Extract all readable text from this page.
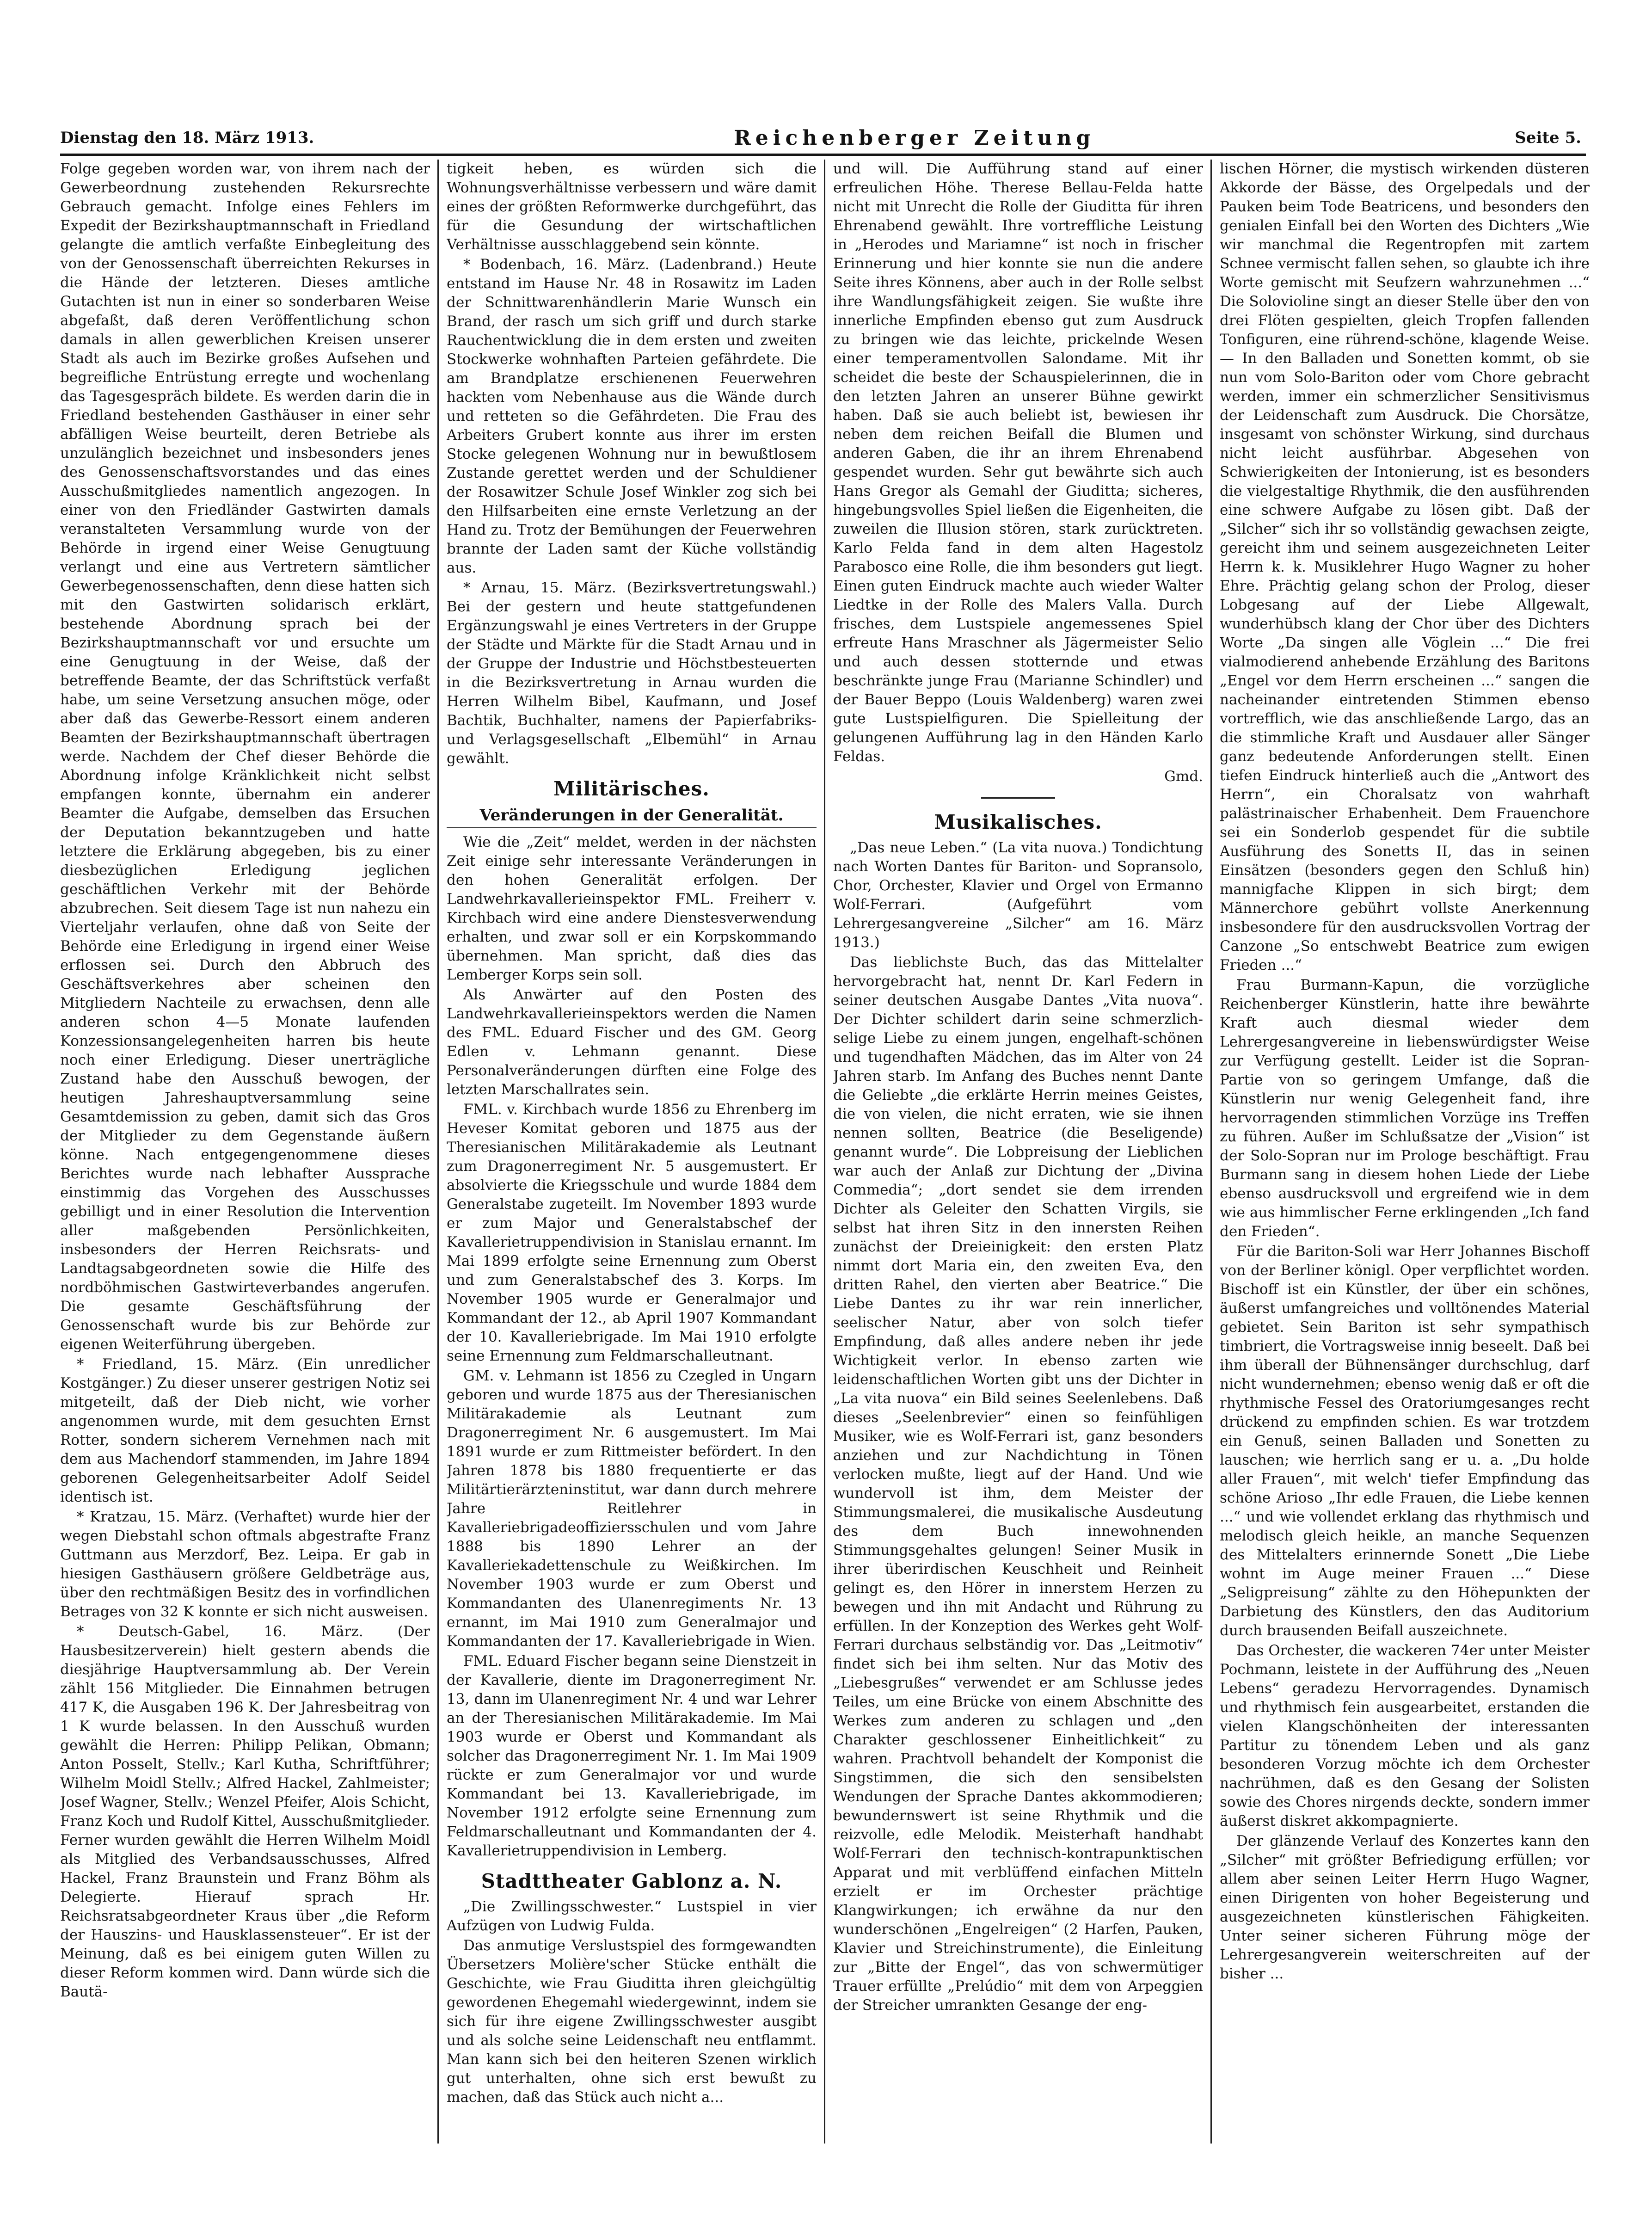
Dienstag den 18. März 1913.	Reichenberger Zeitung	Seite 5.

Folge gegeben worden war, von ihrem nach der Gewerbeordnung zustehenden Rekursrechte Gebrauch gemacht. Infolge eines Fehlers im Expedit der Bezirkshauptmannschaft in Friedland gelangte die amtlich verfaßte Einbegleitung des von der Genossenschaft überreichten Rekurses in die Hände der letzteren. Dieses amtliche Gutachten ist nun in einer so sonderbaren Weise abgefaßt, daß deren Veröffentlichung schon damals in allen gewerblichen Kreisen unserer Stadt als auch im Bezirke großes Aufsehen und begreifliche Entrüstung erregte und wochenlang das Tagesgespräch bildete. Es werden darin die in Friedland bestehenden Gasthäuser in einer sehr abfälligen Weise beurteilt, deren Betriebe als unzulänglich bezeichnet und insbesonders jenes des Genossenschaftsvorstandes und das eines Ausschußmitgliedes namentlich angezogen. In einer von den Friedländer Gastwirten damals veranstalteten Versammlung wurde von der Behörde in irgend einer Weise Genugtuung verlangt und eine aus Vertretern sämtlicher Gewerbegenossenschaften, denn diese hatten sich mit den Gastwirten solidarisch erklärt, bestehende Abordnung sprach bei der Bezirkshauptmannschaft vor und ersuchte um eine Genugtuung in der Weise, daß der betreffende Beamte, der das Schriftstück verfaßt habe, um seine Versetzung ansuchen möge, oder aber daß das Gewerbe-Ressort einem anderen Beamten der Bezirkshauptmannschaft übertragen werde. Nachdem der Chef dieser Behörde die Abordnung infolge Kränklichkeit nicht selbst empfangen konnte, übernahm ein anderer Beamter die Aufgabe, demselben das Ersuchen der Deputation bekanntzugeben und hatte letztere die Erklärung abgegeben, bis zu einer diesbezüglichen Erledigung jeglichen geschäftlichen Verkehr mit der Behörde abzubrechen. Seit diesem Tage ist nun nahezu ein Vierteljahr verlaufen, ohne daß von Seite der Behörde eine Erledigung in irgend einer Weise erflossen sei. Durch den Abbruch des Geschäftsverkehres aber scheinen den Mitgliedern Nachteile zu erwachsen, denn alle anderen schon 4—5 Monate laufenden Konzessionsangelegenheiten harren bis heute noch einer Erledigung. Dieser unerträgliche Zustand habe den Ausschuß bewogen, der heutigen Jahreshauptversammlung seine Gesamtdemission zu geben, damit sich das Gros der Mitglieder zu dem Gegenstande äußern könne. Nach entgegengenommene dieses Berichtes wurde nach lebhafter Aussprache einstimmig das Vorgehen des Ausschusses gebilligt und in einer Resolution die Intervention aller maßgebenden Persönlichkeiten, insbesonders der Herren Reichsrats- und Landtagsabgeordneten sowie die Hilfe des nordböhmischen Gastwirteverbandes angerufen. Die gesamte Geschäftsführung der Genossenschaft wurde bis zur Behörde zur eigenen Weiterführung übergeben.

* Friedland, 15. März. (Ein unredlicher Kostgänger.) Zu dieser unserer gestrigen Notiz sei mitgeteilt, daß der Dieb nicht, wie vorher angenommen wurde, mit dem gesuchten Ernst Rotter, sondern sicherem Vernehmen nach mit dem aus Machendorf stammenden, im Jahre 1894 geborenen Gelegenheitsarbeiter Adolf Seidel identisch ist.

* Kratzau, 15. März. (Verhaftet) wurde hier der wegen Diebstahl schon oftmals abgestrafte Franz Guttmann aus Merzdorf, Bez. Leipa. Er gab in hiesigen Gasthäusern größere Geldbeträge aus, über den rechtmäßigen Besitz des in vorfindlichen Betrages von 32 K konnte er sich nicht ausweisen.

* Deutsch-Gabel, 16. März. (Der Hausbesitzerverein) hielt gestern abends die diesjährige Hauptversammlung ab. Der Verein zählt 156 Mitglieder. Die Einnahmen betrugen 417 K, die Ausgaben 196 K. Der Jahresbeitrag von 1 K wurde belassen. In den Ausschuß wurden gewählt die Herren: Philipp Pelikan, Obmann; Anton Posselt, Stellv.; Karl Kutha, Schriftführer; Wilhelm Moidl Stellv.; Alfred Hackel, Zahlmeister; Josef Wagner, Stellv.; Wenzel Pfeifer, Alois Schicht, Franz Koch und Rudolf Kittel, Ausschußmitglieder. Ferner wurden gewählt die Herren Wilhelm Moidl als Mitglied des Verbandsausschusses, Alfred Hackel, Franz Braunstein und Franz Böhm als Delegierte. Hierauf sprach Hr. Reichsratsabgeordneter Kraus über „die Reform der Hauszins- und Hausklassensteuer“. Er ist der Meinung, daß es bei einigem guten Willen zu dieser Reform kommen wird. Dann würde sich die Bautä-

tigkeit heben, es würden sich die Wohnungsverhältnisse verbessern und wäre damit eines der größten Reformwerke durchgeführt, das für die Gesundung der wirtschaftlichen Verhältnisse ausschlaggebend sein könnte.

* Bodenbach, 16. März. (Ladenbrand.) Heute entstand im Hause Nr. 48 in Rosawitz im Laden der Schnittwarenhändlerin Marie Wunsch ein Brand, der rasch um sich griff und durch starke Rauchentwicklung die in dem ersten und zweiten Stockwerke wohnhaften Parteien gefährdete. Die am Brandplatze erschienenen Feuerwehren hackten vom Nebenhause aus die Wände durch und retteten so die Gefährdeten. Die Frau des Arbeiters Grubert konnte aus ihrer im ersten Stocke gelegenen Wohnung nur in bewußtlosem Zustande gerettet werden und der Schuldiener der Rosawitzer Schule Josef Winkler zog sich bei den Hilfsarbeiten eine ernste Verletzung an der Hand zu. Trotz der Bemühungen der Feuerwehren brannte der Laden samt der Küche vollständig aus.

* Arnau, 15. März. (Bezirksvertretungswahl.) Bei der gestern und heute stattgefundenen Ergänzungswahl je eines Vertreters in der Gruppe der Städte und Märkte für die Stadt Arnau und in der Gruppe der Industrie und Höchstbesteuerten in die Bezirksvertretung in Arnau wurden die Herren Wilhelm Bibel, Kaufmann, und Josef Bachtik, Buchhalter, namens der Papierfabriks- und Verlagsgesellschaft „Elbemühl“ in Arnau gewählt.

Militärisches.
Veränderungen in der Generalität.

Wie die „Zeit“ meldet, werden in der nächsten Zeit einige sehr interessante Veränderungen in den hohen Generalität erfolgen. Der Landwehrkavallerieinspektor FML. Freiherr v. Kirchbach wird eine andere Dienstesverwendung erhalten, und zwar soll er ein Korpskommando übernehmen. Man spricht, daß dies das Lemberger Korps sein soll.

Als Anwärter auf den Posten des Landwehrkavallerieinspektors werden die Namen des FML. Eduard Fischer und des GM. Georg Edlen v. Lehmann genannt. Diese Personalveränderungen dürften eine Folge des letzten Marschallrates sein.

FML. v. Kirchbach wurde 1856 zu Ehrenberg im Heveser Komitat geboren und 1875 aus der Theresianischen Militärakademie als Leutnant zum Dragonerregiment Nr. 5 ausgemustert. Er absolvierte die Kriegsschule und wurde 1884 dem Generalstabe zugeteilt. Im November 1893 wurde er zum Major und Generalstabschef der Kavallerietruppendivision in Stanislau ernannt. Im Mai 1899 erfolgte seine Ernennung zum Oberst und zum Generalstabschef des 3. Korps. Im November 1905 wurde er Generalmajor und Kommandant der 12., ab April 1907 Kommandant der 10. Kavalleriebrigade. Im Mai 1910 erfolgte seine Ernennung zum Feldmarschalleutnant.

GM. v. Lehmann ist 1856 zu Czegled in Ungarn geboren und wurde 1875 aus der Theresianischen Militärakademie als Leutnant zum Dragonerregiment Nr. 6 ausgemustert. Im Mai 1891 wurde er zum Rittmeister befördert. In den Jahren 1878 bis 1880 frequentierte er das Militärtierärzteninstitut, war dann durch mehrere Jahre Reitlehrer in Kavalleriebrigadeoffiziersschulen und vom Jahre 1888 bis 1890 Lehrer an der Kavalleriekadettenschule zu Weißkirchen. Im November 1903 wurde er zum Oberst und Kommandanten des Ulanenregiments Nr. 13 ernannt, im Mai 1910 zum Generalmajor und Kommandanten der 17. Kavalleriebrigade in Wien.

FML. Eduard Fischer begann seine Dienstzeit in der Kavallerie, diente im Dragonerregiment Nr. 13, dann im Ulanenregiment Nr. 4 und war Lehrer an der Theresianischen Militärakademie. Im Mai 1903 wurde er Oberst und Kommandant als solcher das Dragonerregiment Nr. 1. Im Mai 1909 rückte er zum Generalmajor vor und wurde Kommandant bei 13. Kavalleriebrigade, im November 1912 erfolgte seine Ernennung zum Feldmarschalleutnant und Kommandanten der 4. Kavallerietruppendivision in Lemberg.

Stadttheater Gablonz a. N.

„Die Zwillingsschwester.“ Lustspiel in vier Aufzügen von Ludwig Fulda.

Das anmutige Verslustspiel des formgewandten Übersetzers Molière'scher Stücke enthält die Geschichte, wie Frau Giuditta ihren gleichgültig gewordenen Ehegemahl wiedergewinnt, indem sie sich für ihre eigene Zwillingsschwester ausgibt und als solche seine Leidenschaft neu entflammt. Man kann sich bei den heiteren Szenen wirklich gut unterhalten, ohne sich erst bewußt zu machen, daß das Stück auch nicht a...

und will. Die Aufführung stand auf einer erfreulichen Höhe. Therese Bellau-Felda hatte nicht mit Unrecht die Rolle der Giuditta für ihren Ehrenabend gewählt. Ihre vortreffliche Leistung in „Herodes und Mariamne“ ist noch in frischer Erinnerung und hier konnte sie nun die andere Seite ihres Könnens, aber auch in der Rolle selbst ihre Wandlungsfähigkeit zeigen. Sie wußte ihre innerliche Empfinden ebenso gut zum Ausdruck zu bringen wie das leichte, prickelnde Wesen einer temperamentvollen Salondame. Mit ihr scheidet die beste der Schauspielerinnen, die in den letzten Jahren an unserer Bühne gewirkt haben. Daß sie auch beliebt ist, bewiesen ihr neben dem reichen Beifall die Blumen und anderen Gaben, die ihr an ihrem Ehrenabend gespendet wurden. Sehr gut bewährte sich auch Hans Gregor als Gemahl der Giuditta; sicheres, hingebungsvolles Spiel ließen die Eigenheiten, die zuweilen die Illusion stören, stark zurücktreten. Karlo Felda fand in dem alten Hagestolz Parabosco eine Rolle, die ihm besonders gut liegt. Einen guten Eindruck machte auch wieder Walter Liedtke in der Rolle des Malers Valla. Durch frisches, dem Lustspiele angemessenes Spiel erfreute Hans Mraschner als Jägermeister Selio und auch dessen stotternde und etwas beschränkte junge Frau (Marianne Schindler) und der Bauer Beppo (Louis Waldenberg) waren zwei gute Lustspielfiguren. Die Spielleitung der gelungenen Aufführung lag in den Händen Karlo Feldas.

Gmd.

Musikalisches.

„Das neue Leben.“ (La vita nuova.) Tondichtung nach Worten Dantes für Bariton- und Sopransolo, Chor, Orchester, Klavier und Orgel von Ermanno Wolf-Ferrari. (Aufgeführt vom Lehrergesangvereine „Silcher“ am 16. März 1913.)

Das lieblichste Buch, das das Mittelalter hervorgebracht hat, nennt Dr. Karl Federn in seiner deutschen Ausgabe Dantes „Vita nuova“. Der Dichter schildert darin seine schmerzlich-selige Liebe zu einem jungen, engelhaft-schönen und tugendhaften Mädchen, das im Alter von 24 Jahren starb. Im Anfang des Buches nennt Dante die Geliebte „die erklärte Herrin meines Geistes, die von vielen, die nicht erraten, wie sie ihnen nennen sollten, Beatrice (die Beseligende) genannt wurde“. Die Lobpreisung der Lieblichen war auch der Anlaß zur Dichtung der „Divina Commedia“; „dort sendet sie dem irrenden Dichter als Geleiter den Schatten Virgils, sie selbst hat ihren Sitz in den innersten Reihen zunächst der Dreieinigkeit: den ersten Platz nimmt dort Maria ein, den zweiten Eva, den dritten Rahel, den vierten aber Beatrice.“ Die Liebe Dantes zu ihr war rein innerlicher, seelischer Natur, aber von solch tiefer Empfindung, daß alles andere neben ihr jede Wichtigkeit verlor. In ebenso zarten wie leidenschaftlichen Worten gibt uns der Dichter in „La vita nuova“ ein Bild seines Seelenlebens. Daß dieses „Seelenbrevier“ einen so feinfühligen Musiker, wie es Wolf-Ferrari ist, ganz besonders anziehen und zur Nachdichtung in Tönen verlocken mußte, liegt auf der Hand. Und wie wundervoll ist ihm, dem Meister der Stimmungsmalerei, die musikalische Ausdeutung des dem Buch innewohnenden Stimmungsgehaltes gelungen! Seiner Musik in ihrer überirdischen Keuschheit und Reinheit gelingt es, den Hörer in innerstem Herzen zu bewegen und ihn mit Andacht und Rührung zu erfüllen. In der Konzeption des Werkes geht Wolf-Ferrari durchaus selbständig vor. Das „Leitmotiv“ findet sich bei ihm selten. Nur das Motiv des „Liebesgrußes“ verwendet er am Schlusse jedes Teiles, um eine Brücke von einem Abschnitte des Werkes zum anderen zu schlagen und „den Charakter geschlossener Einheitlichkeit“ zu wahren. Prachtvoll behandelt der Komponist die Singstimmen, die sich den sensibelsten Wendungen der Sprache Dantes akkommodieren; bewundernswert ist seine Rhythmik und die reizvolle, edle Melodik. Meisterhaft handhabt Wolf-Ferrari den technisch-kontrapunktischen Apparat und mit verblüffend einfachen Mitteln erzielt er im Orchester prächtige Klangwirkungen; ich erwähne da nur den wunderschönen „Engelreigen“ (2 Harfen, Pauken, Klavier und Streichinstrumente), die Einleitung zur „Bitte der Engel“, das von schwermütiger Trauer erfüllte „Prelúdio“ mit dem von Arpeggien der Streicher umrankten Gesange der eng-

lischen Hörner, die mystisch wirkenden düsteren Akkorde der Bässe, des Orgelpedals und der Pauken beim Tode Beatricens, und besonders den genialen Einfall bei den Worten des Dichters „Wie wir manchmal die Regentropfen mit zartem Schnee vermischt fallen sehen, so glaubte ich ihre Worte gemischt mit Seufzern wahrzunehmen ...“ Die Soloviolinе singt an dieser Stelle über den von drei Flöten gespielten, gleich Tropfen fallenden Tonfiguren, eine rührend-schöne, klagende Weise. — In den Balladen und Sonetten kommt, ob sie nun vom Solo-Bariton oder vom Chore gebracht werden, immer ein schmerzlicher Sensitivismus der Leidenschaft zum Ausdruck. Die Chorsätze, insgesamt von schönster Wirkung, sind durchaus nicht leicht ausführbar. Abgesehen von Schwierigkeiten der Intonierung, ist es besonders die vielgestaltige Rhythmik, die den ausführenden eine schwere Aufgabe zu lösen gibt. Daß der „Silcher“ sich ihr so vollständig gewachsen zeigte, gereicht ihm und seinem ausgezeichneten Leiter Herrn k. k. Musiklehrer Hugo Wagner zu hoher Ehre. Prächtig gelang schon der Prolog, dieser Lobgesang auf der Liebe Allgewalt, wunderhübsch klang der Chor über des Dichters Worte „Da singen alle Vöglein ...“ Die frei vialmodierend anhebende Erzählung des Baritons „Engel vor dem Herrn erscheinen ...“ sangen die nacheinander eintretenden Stimmen ebenso vortrefflich, wie das anschließende Largo, das an die stimmliche Kraft und Ausdauer aller Sänger ganz bedeutende Anforderungen stellt. Einen tiefen Eindruck hinterließ auch die „Antwort des Herrn“, ein Choralsatz von wahrhaft palästrinaischer Erhabenheit. Dem Frauenchore sei ein Sonderlob gespendet für die subtile Ausführung des Sonetts II, das in seinen Einsätzen (besonders gegen den Schluß hin) mannigfache Klippen in sich birgt; dem Männerchore gebührt vollste Anerkennung insbesondere für den ausdrucksvollen Vortrag der Canzone „So entschwebt Beatrice zum ewigen Frieden ...“

Frau Burmann-Kapun, die vorzügliche Reichenberger Künstlerin, hatte ihre bewährte Kraft auch diesmal wieder dem Lehrergesangvereine in liebenswürdigster Weise zur Verfügung gestellt. Leider ist die Sopran-Partie von so geringem Umfange, daß die Künstlerin nur wenig Gelegenheit fand, ihre hervorragenden stimmlichen Vorzüge ins Treffen zu führen. Außer im Schlußsatze der „Vision“ ist der Solo-Sopran nur im Prologe beschäftigt. Frau Burmann sang in diesem hohen Liede der Liebe ebenso ausdrucksvoll und ergreifend wie in dem wie aus himmlischer Ferne erklingenden „Ich fand den Frieden“.

Für die Bariton-Soli war Herr Johannes Bischoff von der Berliner königl. Oper verpflichtet worden. Bischoff ist ein Künstler, der über ein schönes, äußerst umfangreiches und volltönendes Material gebietet. Sein Bariton ist sehr sympathisch timbriert, die Vortragsweise innig beseelt. Daß bei ihm überall der Bühnensänger durchschlug, darf nicht wundernehmen; ebenso wenig daß er oft die rhythmische Fessel des Oratoriumgesanges recht drückend zu empfinden schien. Es war trotzdem ein Genuß, seinen Balladen und Sonetten zu lauschen; wie herrlich sang er u. a. „Du holde aller Frauen“, mit welch' tiefer Empfindung das schöne Arioso „Ihr edle Frauen, die Liebe kennen ...“ und wie vollendet erklang das rhythmisch und melodisch gleich heikle, an manche Sequenzen des Mittelalters erinnernde Sonett „Die Liebe wohnt im Auge meiner Frauen ...“ Diese „Seligpreisung“ zählte zu den Höhepunkten der Darbietung des Künstlers, den das Auditorium durch brausenden Beifall auszeichnete.

Das Orchester, die wackeren 74er unter Meister Pochmann, leistete in der Aufführung des „Neuen Lebens“ geradezu Hervorragendes. Dynamisch und rhythmisch fein ausgearbeitet, erstanden die vielen Klangschönheiten der interessanten Partitur zu tönendem Leben und als ganz besonderen Vorzug möchte ich dem Orchester nachrühmen, daß es den Gesang der Solisten sowie des Chores nirgends deckte, sondern immer äußerst diskret akkompagnierte.

Der glänzende Verlauf des Konzertes kann den „Silcher“ mit größter Befriedigung erfüllen; vor allem aber seinen Leiter Herrn Hugo Wagner, einen Dirigenten von hoher Begeisterung und ausgezeichneten künstlerischen Fähigkeiten. Unter seiner sicheren Führung möge der Lehrergesangverein weiterschreiten auf der bisher ...
